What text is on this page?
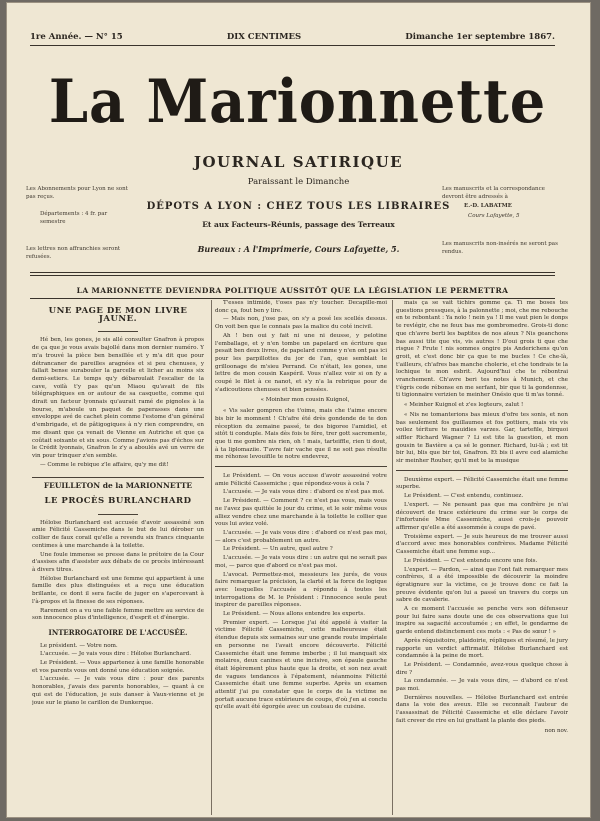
1re Année. — N° 15	DIX CENTIMES	Dimanche 1er septembre 1867.
La Marionnette
JOURNAL SATIRIQUE
Paraissant le Dimanche
Les Abonnements pour Lyon ne sont pas reçus.
Départements : 4 fr. par semestre
Les lettres non affranchies seront refusées.
Les manuscrits et la correspondance devront être adressés à
E.-D. LABATME
Cours Lafayette, 5
Les manuscrits non-insérés ne seront pas rendus.
DÉPOTS A LYON : CHEZ TOUS LES LIBRAIRES
Et aux Facteurs-Réunis, passage des Terreaux
Bureaux : A l'Imprimerie, Cours Lafayette, 5.
LA MARIONNETTE DEVIENDRA POLITIQUE AUSSITÔT QUE LA LÉGISLATION LE PERMETTRA
UNE PAGE DE MON LIVRE JAUNE.

Hé ben, les gones, je sis allé consulter Gnafron à propos de ça que je vous avais bajollé dans mon dernier numéro. Y m'a trouvé la pièce ben bensillée et y m'a dit que pour détrancaner de pareilles aragnées et si peu chenuses, y fallait bense surabouler la garcelle et licher au moins six demi-setiers. Le temps qu'y débaroulait l'escalier de la cave, voilà t'y pas qu'un Miaou qu'avait de fils télégraphiques en or autour de sa casquette, comme qui dirait un facteur lyonnais qu'aurait ramé de pignoles à la bourse, m'aboule un paquet de paperasses dans une enveloppe avé de cachet plein comme l'estome d'un général d'embrigade, et de pâtigogiques à n'y rien comprendre, en me disant que ça venait de Vienne en Autriche et que ça coûtait soixante et six sous. Comme j'avions pas d'échos sur le Crédit lyonnais, Gnafron le z'y a aboulés avé un verre de vin pour trinquer z'en semble.

— Comme le rebique z'le affaire, qu'y me dit!

FEUILLETON de la MARIONNETTE
LE PROCÈS BURLANCHARD

Héloïse Burlanchard est accusée d'avoir assassiné son amie Félicité Cassemiche dans le but de lui dérober un collier de faux corail qu'elle a revendu six francs cinquante centimes à une marchande à la toilette.

Une foule immense se presse dans le prétoire de la Cour d'assises afin d'assister aux débats de ce procès intéressant à divers titres.

Héloïse Burlanchard est une femme qui appartient à une famille des plus distinguées et a reçu une éducation brillante, ce dont il sera facile de juger en s'apercevant à l'à-propos et la finesse de ses réponses.

Rarement on a vu une faible femme mettre au service de son innocence plus d'intelligence, d'esprit et d'énergie.

INTERROGATOIRE DE L'ACCUSÉE.

Le président. — Votre nom.

L'accusée. — Je vais vous dire : Héloïse Burlanchard.

Le Président. — Vous appartenez à une famille honorable et vos parents vous ont donné une éducation soignée.

L'accusée. — Je vais vous dire : pour des parents honorables, j'avais des parents honorables, — quant à ce qui est de l'éducation, je suis danser à Vaux-vienne et je joue sur le piano le carillon de Dunkerque.

T'esses intimidé, t'oses pas n'y toucher. Decapille-moi donc ça, fout ben y lire.

— Mais non, j'ose pas, on s'y a posé les scellés dessus. On voit ben que le connais pas la malice du coté incivil.

Ah ! ben oui y fait ni une ni deusse, y pelotine l'emballage, et y n'en tombe un papelard en écriture que pesait ben deux livres, de papelard comme y n'en ont pas ici pour les parpillottes du jor de l'an, que semblait le grilloonage de m'sieu Perrand. Ce n'était, les gones, une lettre de mon cousin Kaspéril. Vous n'allez voir si on fy a coupé le filet à ce nanot, et s'y n'a la rebrique pour de s'adicoutions chenuses et bien pensées.

« Moinher mon cousin Kuignol,

« Vis saler gompren che t'oime, mais che t'aime encore bis bir le momnent ! Ch'afre été drès gondende de te don réception du zemaine passé, te des bigoree l'amidiel, et sitôt ti conduple. Mais dès fois te fére, trer gott sacremente, que ti me gombre nis rien, oh ! mais, tarteiffle, rien ti dout, à ta liplomaziie. T'avre fair vache que il ne soit pas résulte me réhonse levouifile te notre endevrez,

Le Président. — On vous accuse d'avoir assassiné votre amie Félicité Cassemiche ; que répondez-vous à cela ?

L'accusée. — Je vais vous dire : d'abord ce n'est pas moi.

Le Président. — Comment ? ce n'est pas vous, mais vous ne l'avez pas quittée le jour du crime, et le soir même vous alliez vendre chez une marchande à la toilette le collier que vous lui aviez volé.

L'accusée. — Je vais vous dire : d'abord ce n'est pas moi, — alors c'est probablement un autre.

Le Président. — Un autre, quel autre ?

L'accusée. — Je vais vous dire : un autre qui ne serait pas moi, — parce que d'abord ce n'est pas moi.

L'avocat. Permettez-moi, messieurs les jurés, de vous faire remarquer la précision, la clarté et la force de logique avec lesquelles l'accusée a répondu à toutes les interrogations de M. le Président : l'innocence seule peut inspirer de pareilles réponses.

Le Président. — Nous allons entendre les experts.

Premier expert. — Lorsque j'ai été appelé à visiter la victime Félicité Cassemiche, cette malheureuse était étendue depuis six semaines sur une grande route impériale en personne ne l'avait encore découverte. Félicité Cassemiche était une femme imberbe ; il lui manquait six molaires, deux canines et une incisive, son épaule gauche était légèrement plus haute que la droite, et son nez avait de vagues tendances à l'épatement, néanmoins Félicité Cassemiche était une femme superbe. Après un examen attentif j'ai pu constater que le corps de la victime ne portait aucune trace extérieure de coups, d'où j'en ai conclu qu'elle avait été égorgée avec un couteau de cuisine.

mais ça se vait tichirs gomme ça. Ti me boses tes guestions pressques, à la palonnette ; moi, che me rebouche en te rebontant : Ya noïo ! nein ya ! Il me vaut pien le donps te revlégir, che ne feux bas me gombromedre. Grois-ti donc que ch'avre berti les baptites de nos aïeux ? Nis geanchons bas aussi tite que vis, vis autres ! D'oui grois ti que che risgue ? Frute ! nis sommes ongire pis Anderichens qu'on groit, et c'est donc bir ça que te me bucles ! Ce che-là, t'ailleurs, ch'afres bas manche cholerie, et che tondrais te la lochique te mon esbrit. Aujourd'hui che te rébontrai vranchement. Ch'avre beri tes notes à Munich, et che t'égris cede rébonse en me serfant, bir que ti la gondennse, ti tigionnaire verizien te meinher Onésio que ti m'as tonné.

« Meinher Kuignol et z'es legteurs, zalut !

« Nis ne tomanterions bas mieux d'ofre tes sonis, et non bas seulement fos guillaumes et fos pottiers, mais vis vis voilez tériture te mauidies varzes. Gar, tartefile, birquoi siffler Richard Wagner ? Li est tite la guestion, et mon gousin te Bavière a ça sé le gonner. Richard, lui-là ; est tit bir lui, blis que bir toi, Gnafron. Et bis il avre ced alamiche sir meinher Rouher, qu'il met te la musique

Deuxième expert. — Félicité Cassemiche était une femme superbe.

Le Président. — C'est entendu, continuez.

L'expert. — Ne pensant pas que ma confrère je n'ai découvert de trace extérieure du crime sur le corps de l'infortunée Mme Cassemiche, aussi crois-je pouvoir affirmer qu'elle a été assommée à coups de pavé.

Troisième expert. — Je suis heureux de me trouver aussi d'accord avec mes honorables confrères. Madame Félicité Cassemiche était une femme sup...

Le Président. — C'est entendu encore une fois.

L'expert. — Pardon, — ainsi que l'ont fait remarquer mes confrères, il a été impossible de découvrir la moindre égratignure sur la victime, ce je trouve donc ce fait la preuve évidente qu'on lui a passé un travers du corps un sabre de cavalerie.

A ce moment l'accusée se penche vers son défenseur pour lui faire sans doute une de ces observations que lui inspire sa sagacité accoutumée ; en effet, le gendarme de garde entend distinctement ces mots : « Pas de sœur ! »

Après réquisitoire, plaidoirie, répliques et résumé, le jury rapporte un verdict affirmatif. Héloïse Burlanchard est condamnée à la peine de mort.

Le Président. — Condamnée, avez-vous quelque chose à dire ?

La condamnée. — Je vais vous dire, — d'abord ce n'est pas moi.

Dernières nouvelles. — Héloïse Burlanchard est entrée dans la voie des aveux. Elle se reconnaît l'auteur de l'assassinat de Félicité Cassemiche et elle déclare l'avoir fait crever de rire en lui grattant la plante des pieds.

non nov.
